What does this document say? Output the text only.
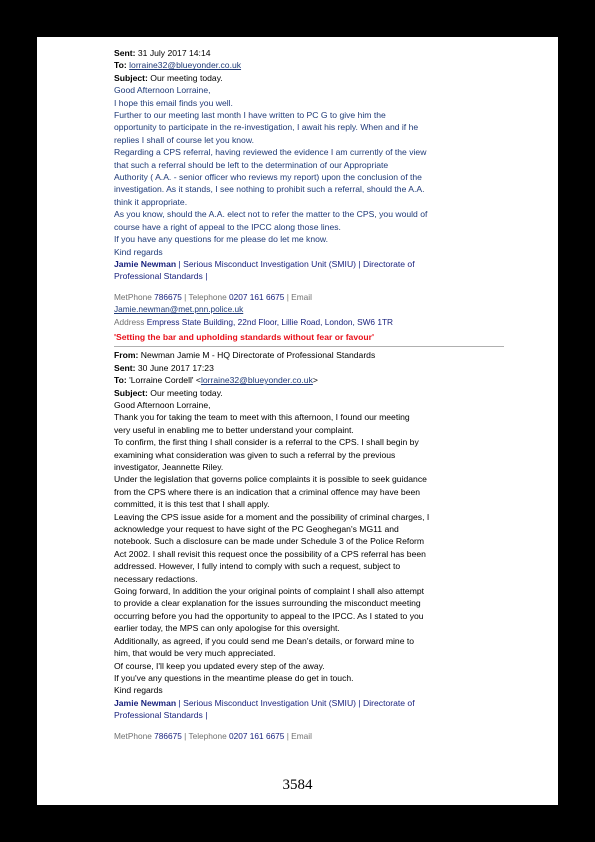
Sent: 31 July 2017 14:14
To: lorraine32@blueyonder.co.uk
Subject: Our meeting today.
Good Afternoon Lorraine,
I hope this email finds you well.
Further to our meeting last month I have written to PC G to give him the
opportunity to participate in the re-investigation, I await his reply. When and if he
replies I shall of course let you know.
Regarding a CPS referral, having reviewed the evidence I am currently of the view
that such a referral should be left to the determination of our Appropriate
Authority ( A.A. - senior officer who reviews my report) upon the conclusion of the
investigation. As it stands, I see nothing to prohibit such a referral, should the A.A.
think it appropriate.
As you know, should the A.A. elect not to refer the matter to the CPS, you would of
course have a right of appeal to the IPCC along those lines.
If you have any questions for me please do let me know.
Kind regards
Jamie Newman | Serious Misconduct Investigation Unit (SMIU) | Directorate of
Professional Standards |
MetPhone 786675 | Telephone 0207 161 6675 | Email
Jamie.newman@met.pnn.police.uk
Address Empress State Building, 22nd Floor, Lillie Road, London, SW6 1TR
'Setting the bar and upholding standards without fear or favour'
From: Newman Jamie M - HQ Directorate of Professional Standards
Sent: 30 June 2017 17:23
To: 'Lorraine Cordell' <lorraine32@blueyonder.co.uk>
Subject: Our meeting today.
Good Afternoon Lorraine,
Thank you for taking the team to meet with this afternoon, I found our meeting
very useful in enabling me to better understand your complaint.
To confirm, the first thing I shall consider is a referral to the CPS. I shall begin by
examining what consideration was given to such a referral by the previous
investigator, Jeannette Riley.
Under the legislation that governs police complaints it is possible to seek guidance
from the CPS where there is an indication that a criminal offence may have been
committed, it is this test that I shall apply.
Leaving the CPS issue aside for a moment and the possibility of criminal charges, I
acknowledge your request to have sight of the PC Geoghegan's MG11 and
notebook. Such a disclosure can be made under Schedule 3 of the Police Reform
Act 2002. I shall revisit this request once the possibility of a CPS referral has been
addressed. However, I fully intend to comply with such a request, subject to
necessary redactions.
Going forward, In addition the your original points of complaint I shall also attempt
to provide a clear explanation for the issues surrounding the misconduct meeting
occurring before you had the opportunity to appeal to the IPCC. As I stated to you
earlier today, the MPS can only apologise for this oversight.
Additionally, as agreed, if you could send me Dean's details, or forward mine to
him, that would be very much appreciated.
Of course, I'll keep you updated every step of the away.
If you've any questions in the meantime please do get in touch.
Kind regards
Jamie Newman | Serious Misconduct Investigation Unit (SMIU) | Directorate of
Professional Standards |
MetPhone 786675 | Telephone 0207 161 6675 | Email
3584
